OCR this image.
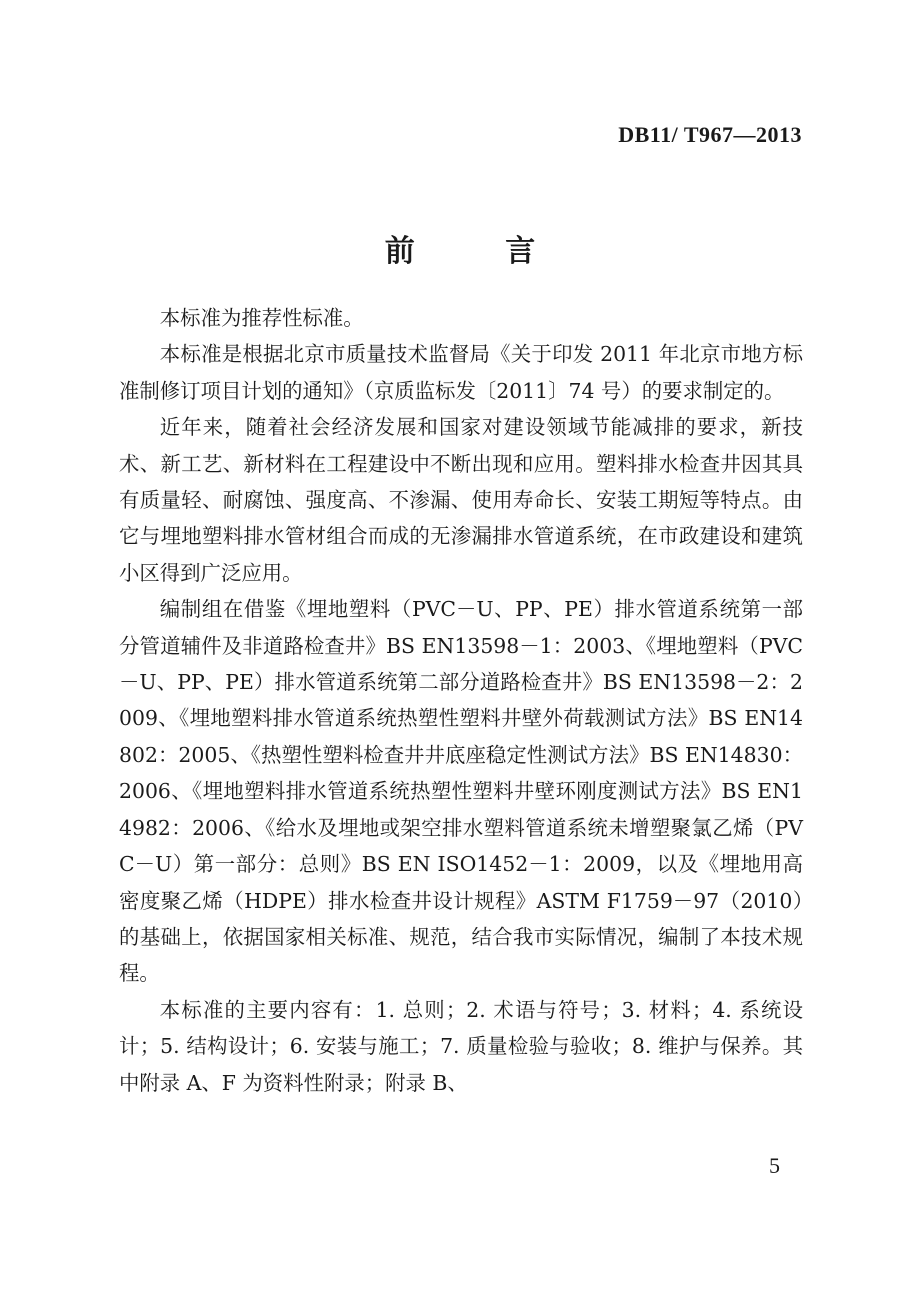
DB11/ T967—2013
前 言

本标准为推荐性标准。

本标准是根据北京市质量技术监督局《关于印发 2011 年北京市地方标准制修订项目计划的通知》（京质监标发〔2011〕74 号）的要求制定的。

近年来，随着社会经济发展和国家对建设领域节能减排的要求，新技术、新工艺、新材料在工程建设中不断出现和应用。塑料排水检查井因其具有质量轻、耐腐蚀、强度高、不渗漏、使用寿命长、安装工期短等特点。由它与埋地塑料排水管材组合而成的无渗漏排水管道系统，在市政建设和建筑小区得到广泛应用。

编制组在借鉴《埋地塑料（PVC－U、PP、PE）排水管道系统第一部分管道辅件及非道路检查井》BS EN13598－1：2003、《埋地塑料（PVC－U、PP、PE）排水管道系统第二部分道路检查井》BS EN13598－2：2009、《埋地塑料排水管道系统热塑性塑料井壁外荷载测试方法》BS EN14802：2005、《热塑性塑料检查井井底座稳定性测试方法》BS EN14830：2006、《埋地塑料排水管道系统热塑性塑料井壁环刚度测试方法》BS EN14982：2006、《给水及埋地或架空排水塑料管道系统未增塑聚氯乙烯（PVC－U）第一部分：总则》BS EN ISO1452－1：2009，以及《埋地用高密度聚乙烯（HDPE）排水检查井设计规程》ASTM F1759－97（2010）的基础上，依据国家相关标准、规范，结合我市实际情况，编制了本技术规程。

本标准的主要内容有：1. 总则；2. 术语与符号；3. 材料；4. 系统设计；5. 结构设计；6. 安装与施工；7. 质量检验与验收；8. 维护与保养。其中附录 A、F 为资料性附录；附录 B、

5
